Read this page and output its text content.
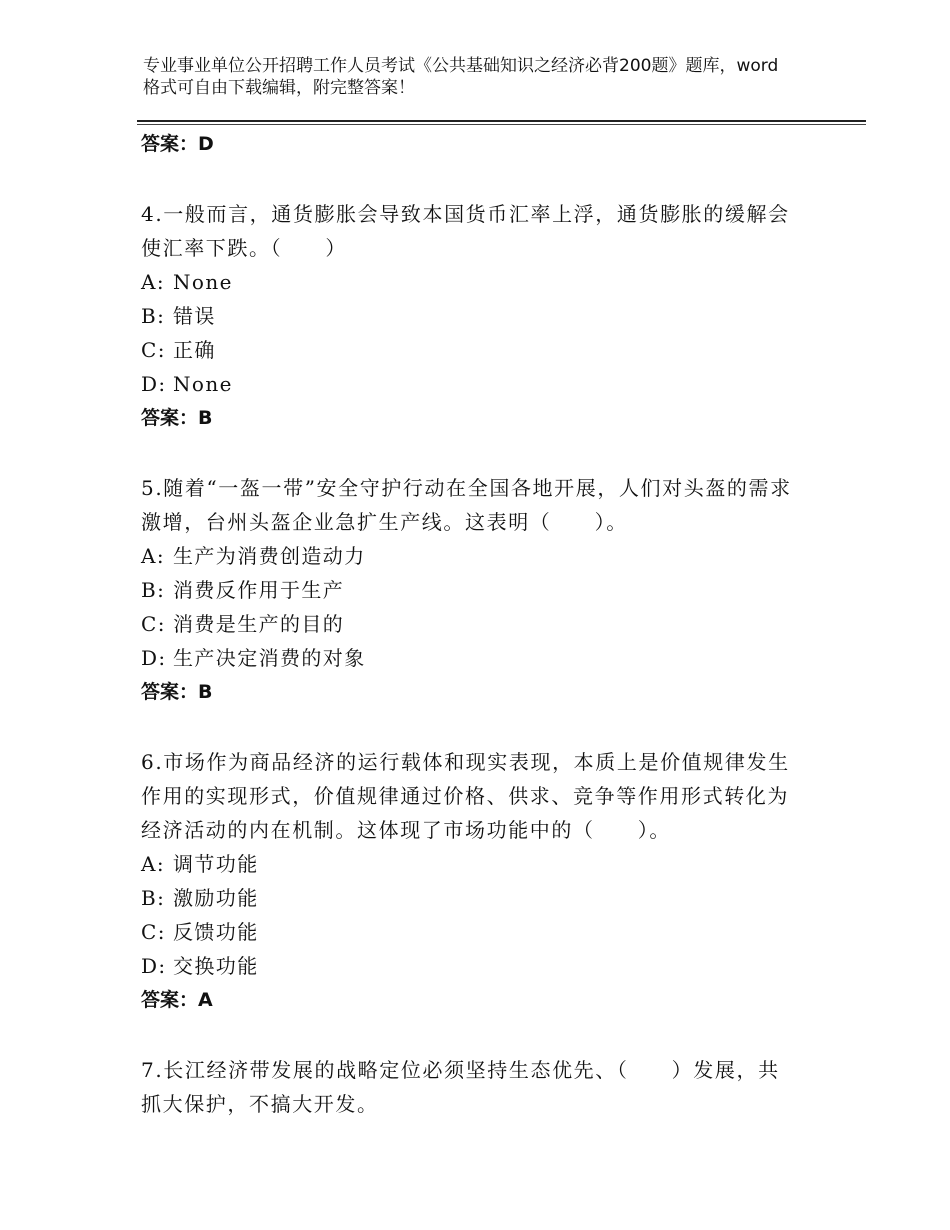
专业事业单位公开招聘工作人员考试《公共基础知识之经济必背200题》题库，word格式可自由下载编辑，附完整答案！
答案：D
4.一般而言，通货膨胀会导致本国货币汇率上浮，通货膨胀的缓解会使汇率下跌。（　　）
A: None
B: 错误
C: 正确
D: None
答案：B
5.随着“一盔一带”安全守护行动在全国各地开展，人们对头盔的需求激增，台州头盔企业急扩生产线。这表明（　　）。
A: 生产为消费创造动力
B: 消费反作用于生产
C: 消费是生产的目的
D: 生产决定消费的对象
答案：B
6.市场作为商品经济的运行载体和现实表现，本质上是价值规律发生作用的实现形式，价值规律通过价格、供求、竞争等作用形式转化为经济活动的内在机制。这体现了市场功能中的（　　）。
A: 调节功能
B: 激励功能
C: 反馈功能
D: 交换功能
答案：A
7.长江经济带发展的战略定位必须坚持生态优先、（　　）发展，共抓大保护，不搞大开发。
